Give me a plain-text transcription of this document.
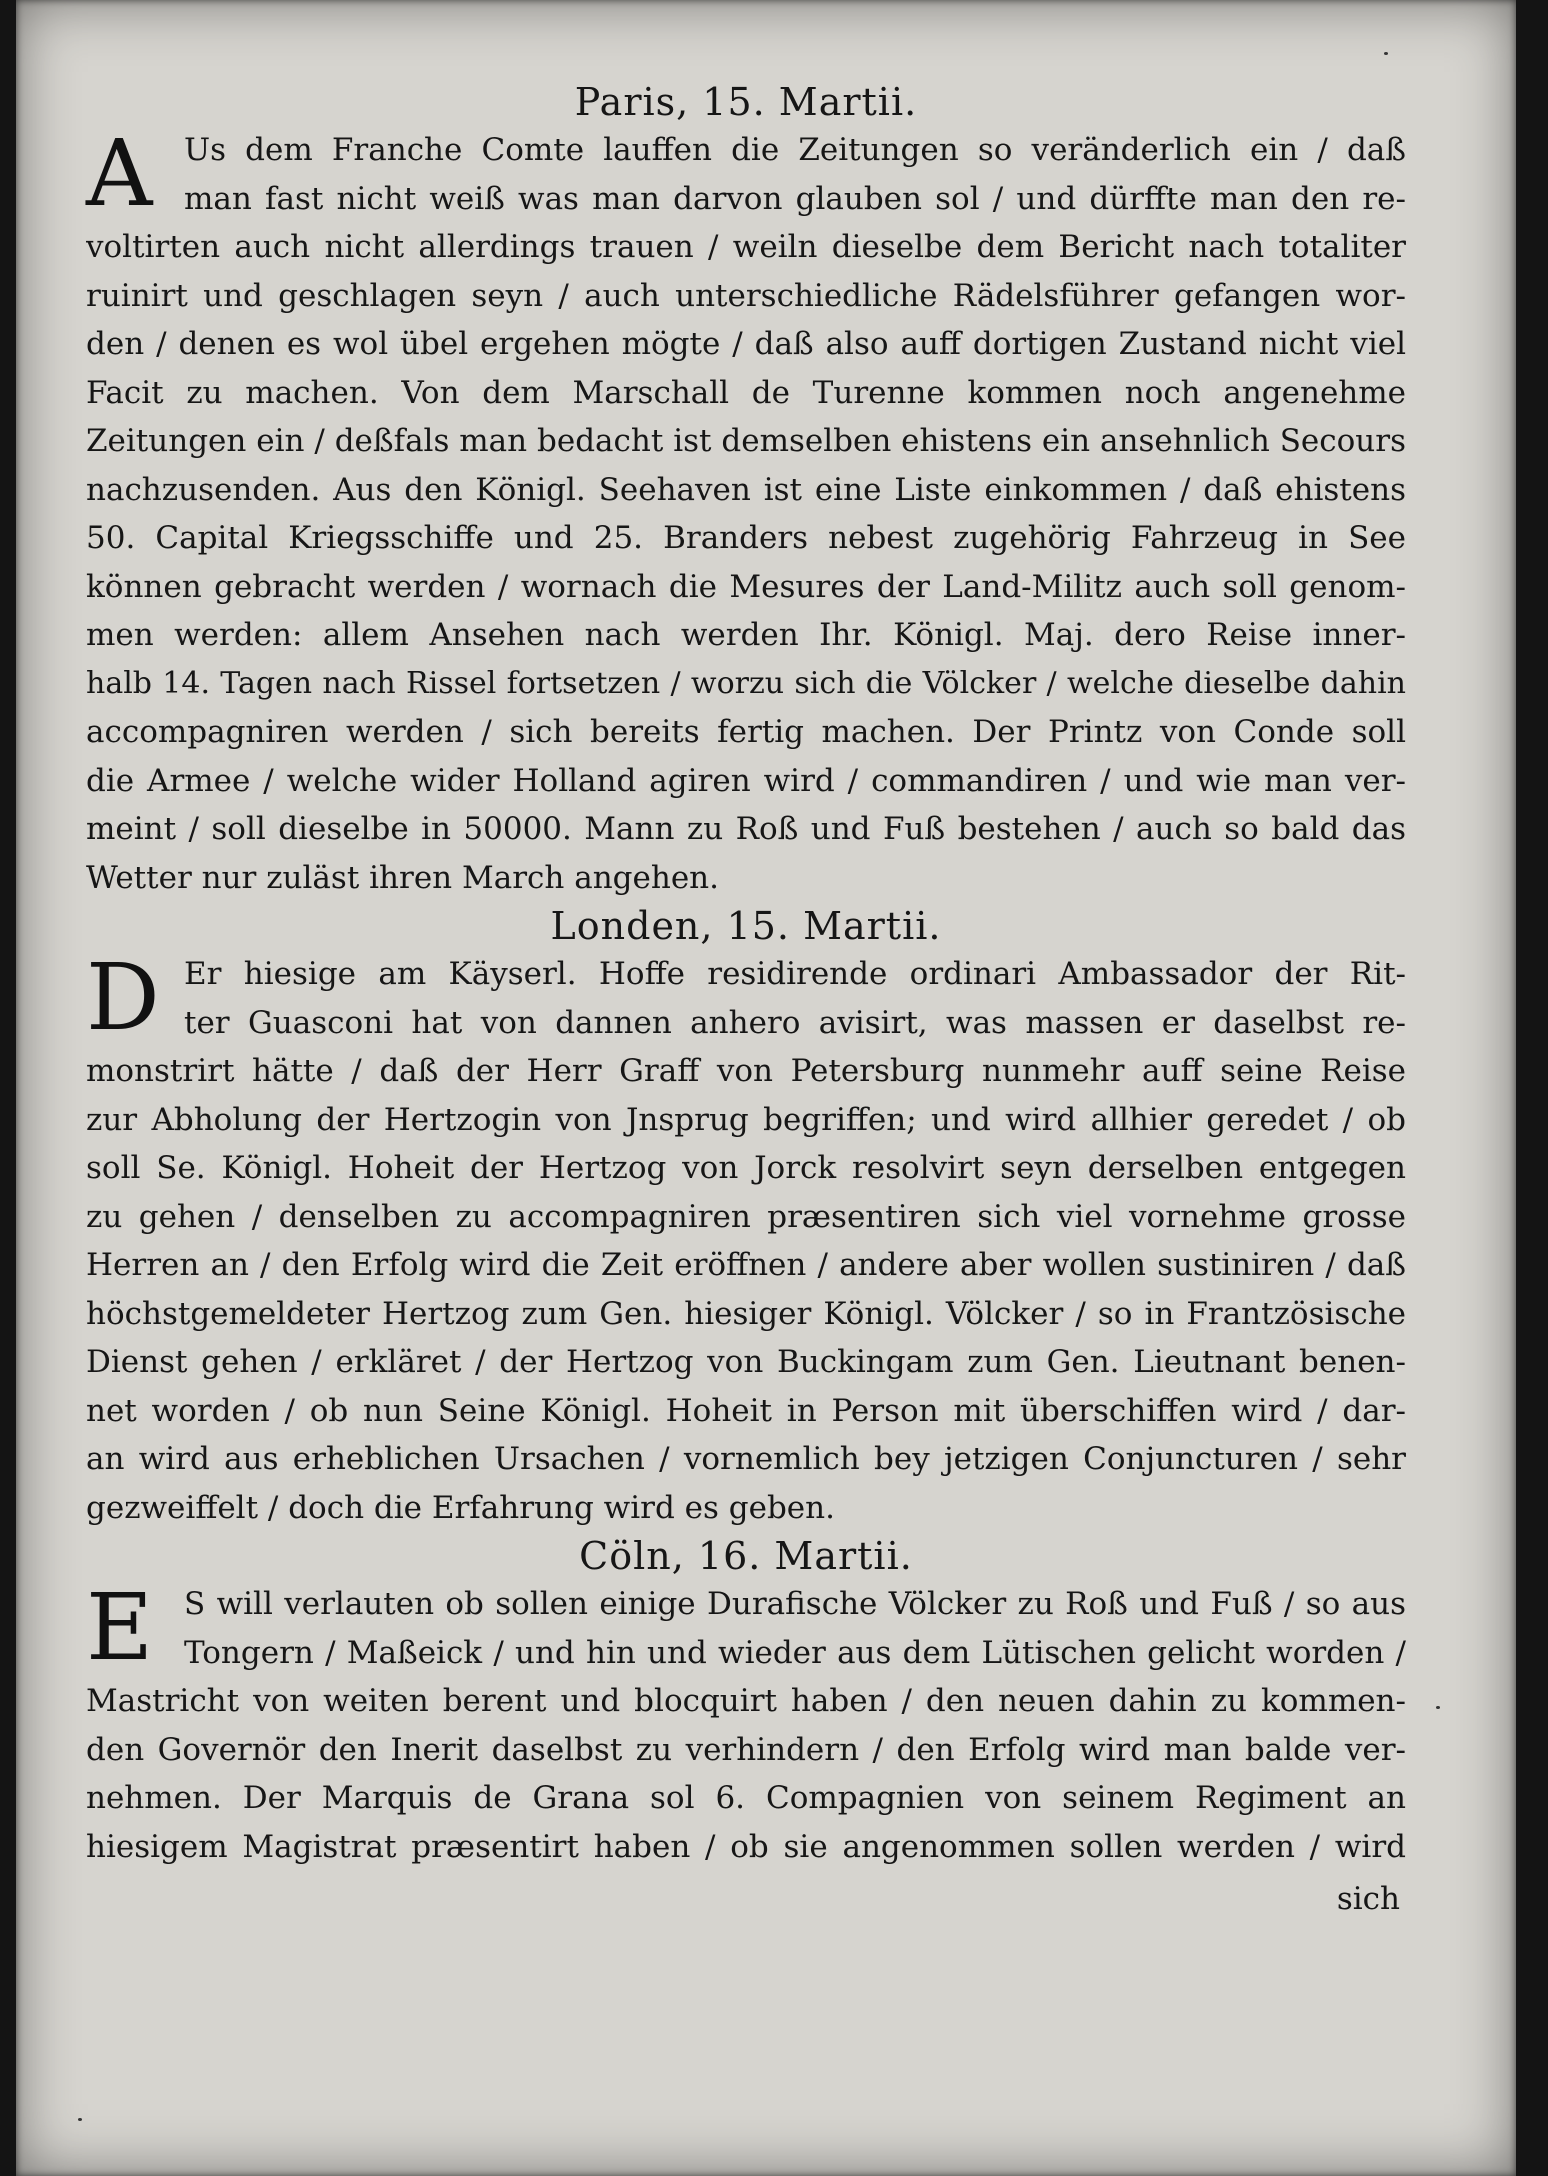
Paris, 15. Martii.
A	Us dem Franche Comte lauffen die Zeitungen so veränderlich ein / daß
man fast nicht weiß was man darvon glauben sol / und dürffte man den re-
voltirten auch nicht allerdings trauen / weiln dieselbe dem Bericht nach totaliter
ruinirt und geschlagen seyn / auch unterschiedliche Rädelsführer gefangen wor-
den / denen es wol übel ergehen mögte / daß also auff dortigen Zustand nicht viel
Facit zu machen. Von dem Marschall de Turenne kommen noch angenehme
Zeitungen ein / deßfals man bedacht ist demselben ehistens ein ansehnlich Secours
nachzusenden. Aus den Königl. Seehaven ist eine Liste einkommen / daß ehistens
50. Capital Kriegsschiffe und 25. Branders nebest zugehörig Fahrzeug in See
können gebracht werden / wornach die Mesures der Land-Militz auch soll genom-
men werden: allem Ansehen nach werden Ihr. Königl. Maj. dero Reise inner-
halb 14. Tagen nach Rissel fortsetzen / worzu sich die Völcker / welche dieselbe dahin
accompagniren werden / sich bereits fertig machen. Der Printz von Conde soll
die Armee / welche wider Holland agiren wird / commandiren / und wie man ver-
meint / soll dieselbe in 50000. Mann zu Roß und Fuß bestehen / auch so bald das
Wetter nur zuläst ihren March angehen.
Londen, 15. Martii.
D Er hiesige am Käyserl. Hoffe residirende ordinari Ambassador der Rit-
ter Guasconi hat von dannen anhero avisirt, was massen er daselbst re-
monstrirt hätte / daß der Herr Graff von Petersburg nunmehr auff seine Reise
zur Abholung der Hertzogin von Jnsprug begriffen; und wird allhier geredet / ob
soll Se. Königl. Hoheit der Hertzog von Jorck resolvirt seyn derselben entgegen
zu gehen / denselben zu accompagniren præsentiren sich viel vornehme grosse
Herren an / den Erfolg wird die Zeit eröffnen / andere aber wollen sustiniren / daß
höchstgemeldeter Hertzog zum Gen. hiesiger Königl. Völcker / so in Frantzösische
Dienst gehen / erkläret / der Hertzog von Buckingam zum Gen. Lieutnant benen-
net worden / ob nun Seine Königl. Hoheit in Person mit überschiffen wird / dar-
an wird aus erheblichen Ursachen / vornemlich bey jetzigen Conjuncturen / sehr
gezweiffelt / doch die Erfahrung wird es geben.
Cöln, 16. Martii.
E S will verlauten ob sollen einige Durafische Völcker zu Roß und Fuß / so aus
Tongern / Maßeick / und hin und wieder aus dem Lütischen gelicht worden /
Mastricht von weiten berent und blocquirt haben / den neuen dahin zu kommen-
den Governör den Inerit daselbst zu verhindern / den Erfolg wird man balde ver-
nehmen. Der Marquis de Grana sol 6. Compagnien von seinem Regiment an
hiesigem Magistrat præsentirt haben / ob sie angenommen sollen werden / wird
sich
